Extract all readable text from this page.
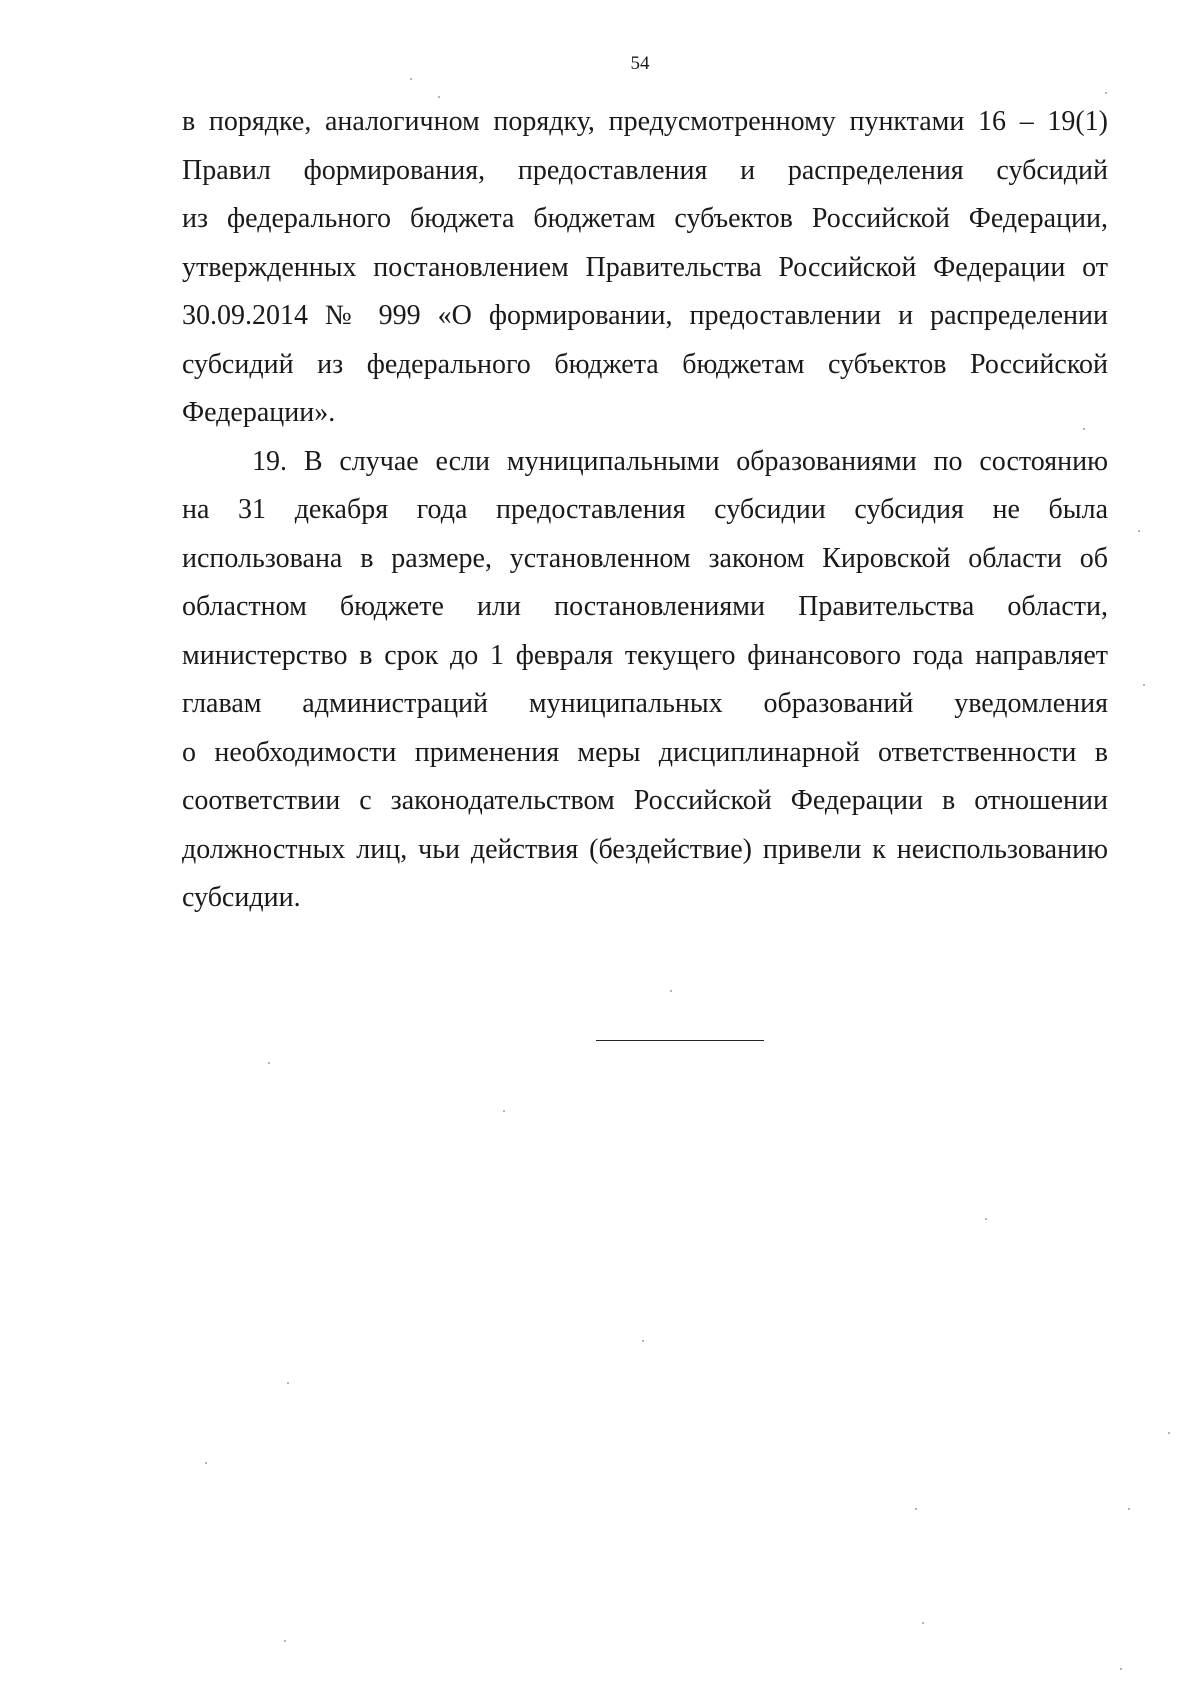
54
в порядке, аналогичном порядку, предусмотренному пунктами 16 – 19(1)
Правил формирования, предоставления и распределения субсидий
из федерального бюджета бюджетам субъектов Российской Федерации,
утвержденных постановлением Правительства Российской Федерации от
30.09.2014 № 999 «О формировании, предоставлении и распределении
субсидий из федерального бюджета бюджетам субъектов Российской
Федерации».
19. В случае если муниципальными образованиями по состоянию
на 31 декабря года предоставления субсидии субсидия не была
использована в размере, установленном законом Кировской области об
областном бюджете или постановлениями Правительства области,
министерство в срок до 1 февраля текущего финансового года направляет
главам администраций муниципальных образований уведомления
о необходимости применения меры дисциплинарной ответственности в
соответствии с законодательством Российской Федерации в отношении
должностных лиц, чьи действия (бездействие) привели к неиспользованию
субсидии.
